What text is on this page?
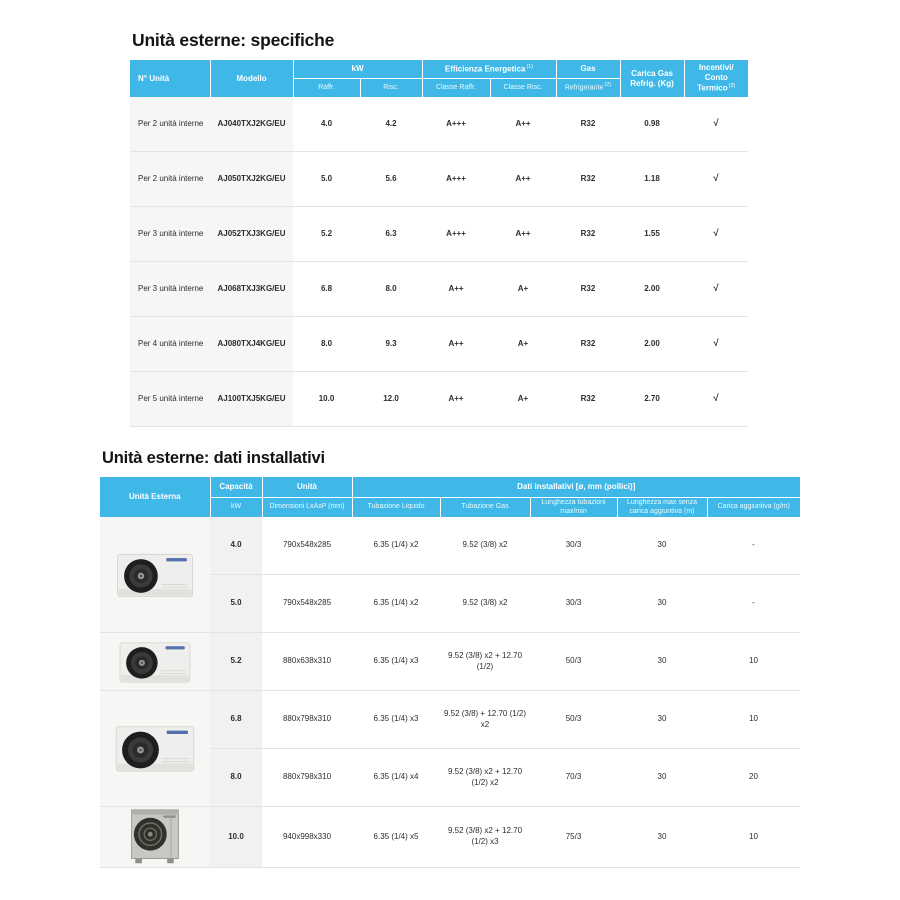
Unità esterne: specifiche
N° Unità	Modello	kW		Efficienza Energetica$^{(1)}$		Gas	Carica Gas
Refrig. (Kg)	Incentivi/
Conto Termico$^{(3)}$
		Raffr.	Risc.	Classe Raffr.	Classe Risc.	Refrigerante$^{(2)}$
Per 2 unità interne	AJ040TXJ2KG/EU	4.0	4.2	A+++	A++	R32	0.98	√
Per 2 unità interne	AJ050TXJ2KG/EU	5.0	5.6	A+++	A++	R32	1.18	√
Per 3 unità interne	AJ052TXJ3KG/EU	5.2	6.3	A+++	A++	R32	1.55	√
Per 3 unità interne	AJ068TXJ3KG/EU	6.8	8.0	A++	A+	R32	2.00	√
Per 4 unità interne	AJ080TXJ4KG/EU	8.0	9.3	A++	A+	R32	2.00	√
Per 5 unità interne	AJ100TXJ5KG/EU	10.0	12.0	A++	A+	R32	2.70	√
Unità esterne: dati installativi
Unità Esterna	Capacità	Unità	Dati installativi [ø, mm (pollici)]				
	kW	Dimensioni LxAxP (mm)	Tubazione Liquido	Tubazione Gas	Lunghezza tubazioni max/min	Lunghezza max senza carica aggiuntiva (m)	Carica aggiuntiva (g/m)

	4.0	790x548x285	6.35 (1/4) x2	9.52 (3/8) x2	30/3	30	-
	5.0	790x548x285	6.35 (1/4) x2	9.52 (3/8) x2	30/3	30	-

	5.2	880x638x310	6.35 (1/4) x3	9.52 (3/8) x2 + 12.70 (1/2)	50/3	30	10

	6.8	880x798x310	6.35 (1/4) x3	9.52 (3/8) + 12.70 (1/2) x2	50/3	30	10
	8.0	880x798x310	6.35 (1/4) x4	9.52 (3/8) x2 + 12.70 (1/2) x2	70/3	30	20

	10.0	940x998x330	6.35 (1/4) x5	9.52 (3/8) x2 + 12.70 (1/2) x3	75/3	30	10
